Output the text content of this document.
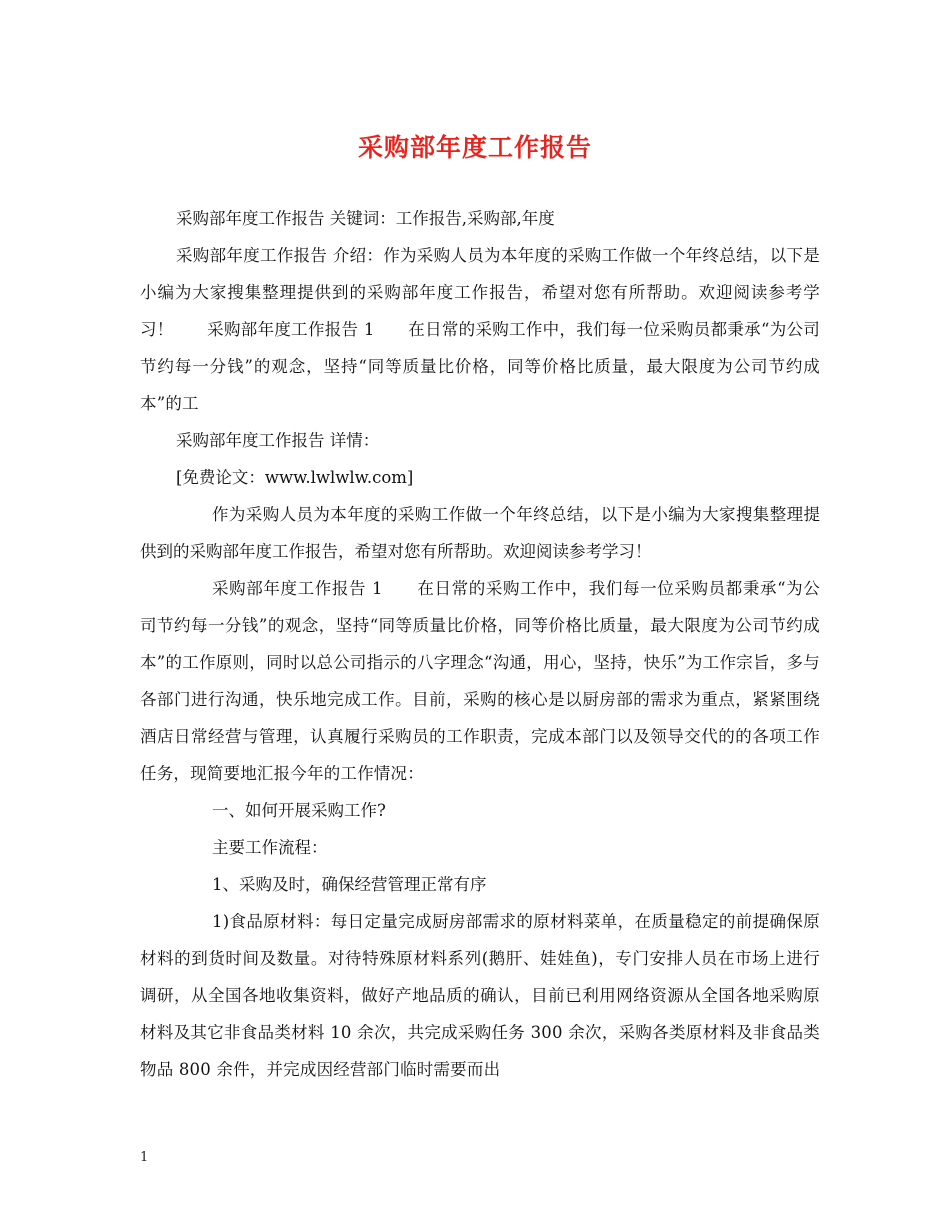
采购部年度工作报告

采购部年度工作报告 关键词：工作报告,采购部,年度

采购部年度工作报告 介绍：作为采购人员为本年度的采购工作做一个年终总结，以下是小编为大家搜集整理提供到的采购部年度工作报告，希望对您有所帮助。欢迎阅读参考学习！　　采购部年度工作报告 1　　在日常的采购工作中，我们每一位采购员都秉承“为公司节约每一分钱”的观念，坚持“同等质量比价格，同等价格比质量，最大限度为公司节约成本”的工

采购部年度工作报告 详情：

[免费论文：www.lwlwlw.com]

作为采购人员为本年度的采购工作做一个年终总结，以下是小编为大家搜集整理提供到的采购部年度工作报告，希望对您有所帮助。欢迎阅读参考学习！

采购部年度工作报告 1　　在日常的采购工作中，我们每一位采购员都秉承“为公司节约每一分钱”的观念，坚持“同等质量比价格，同等价格比质量，最大限度为公司节约成本”的工作原则，同时以总公司指示的八字理念“沟通，用心，坚持，快乐”为工作宗旨，多与各部门进行沟通，快乐地完成工作。目前，采购的核心是以厨房部的需求为重点，紧紧围绕酒店日常经营与管理，认真履行采购员的工作职责，完成本部门以及领导交代的的各项工作任务，现简要地汇报今年的工作情况：

一、如何开展采购工作?

主要工作流程：

1、采购及时，确保经营管理正常有序

1)食品原材料：每日定量完成厨房部需求的原材料菜单，在质量稳定的前提确保原材料的到货时间及数量。对待特殊原材料系列(鹅肝、娃娃鱼)，专门安排人员在市场上进行调研，从全国各地收集资料，做好产地品质的确认，目前已利用网络资源从全国各地采购原材料及其它非食品类材料 10 余次，共完成采购任务 300 余次，采购各类原材料及非食品类物品 800 余件，并完成因经营部门临时需要而出

1
